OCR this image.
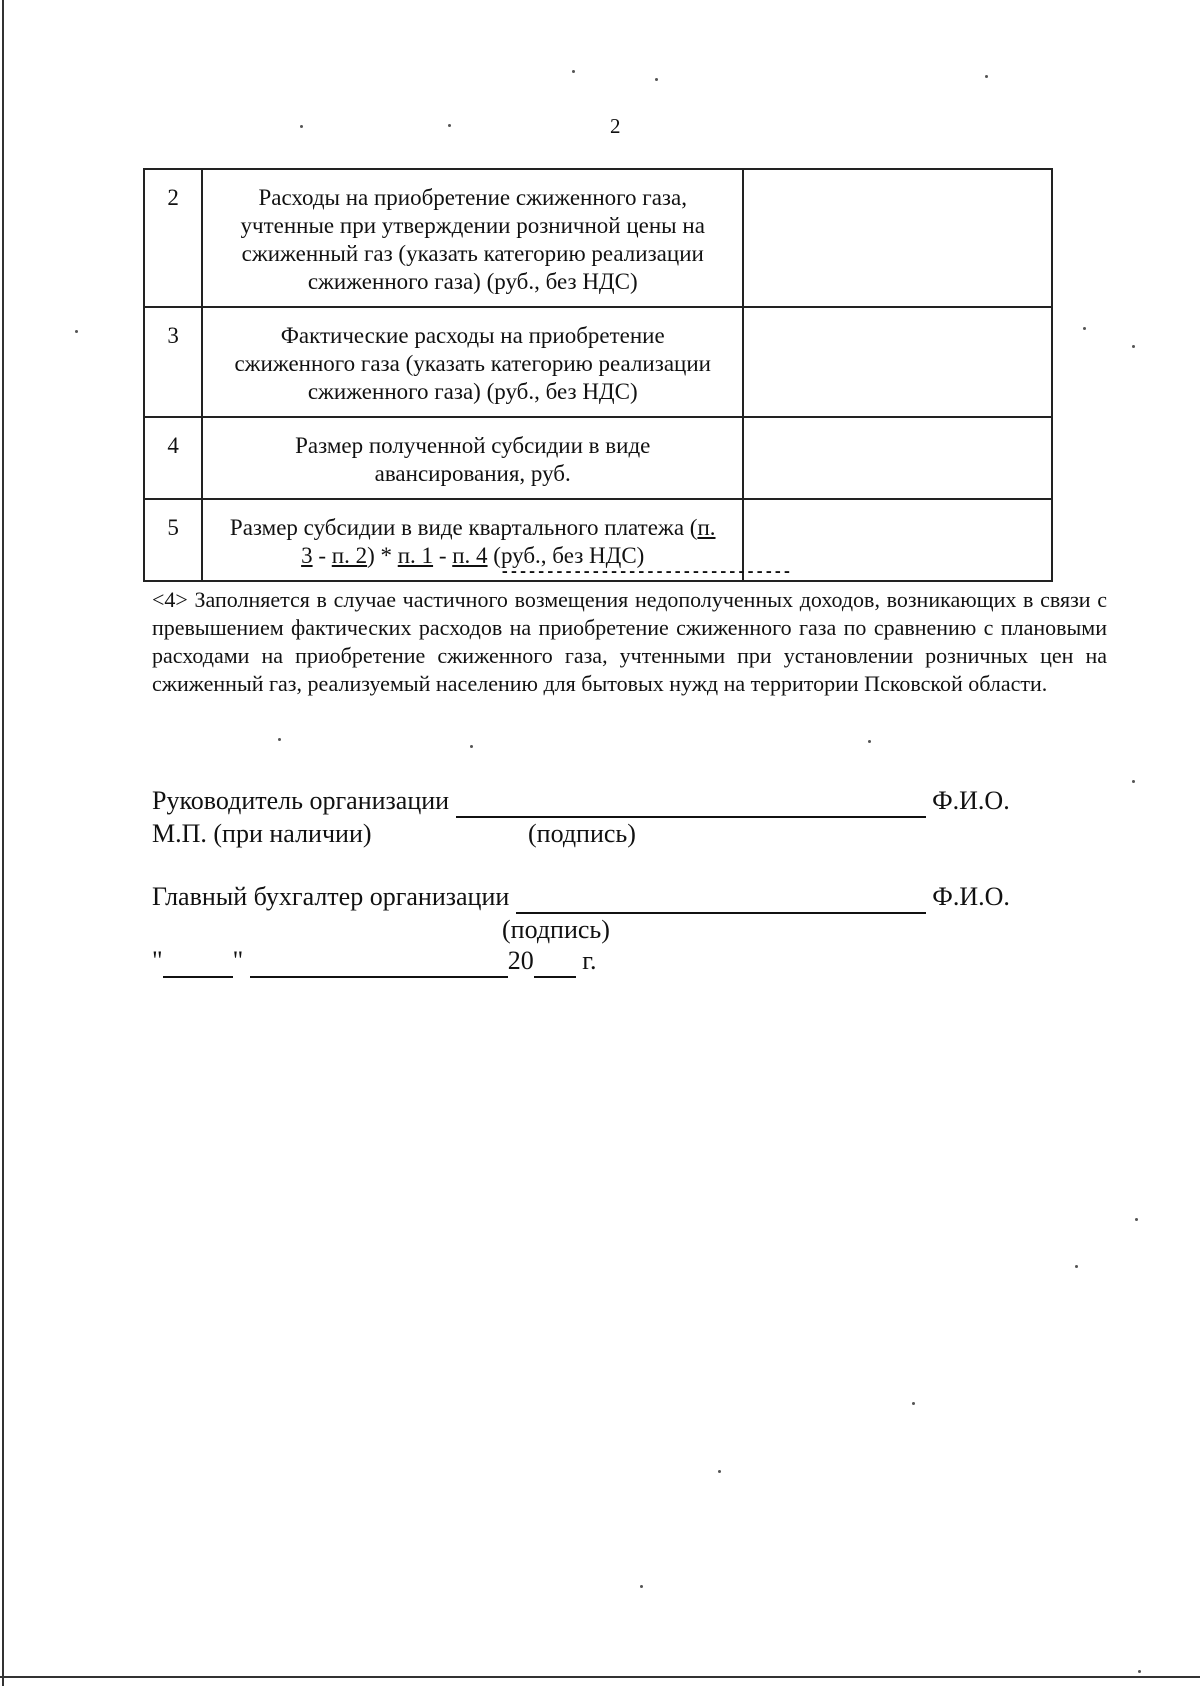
2
2	Расходы на приобретение сжиженного газа,
учтенные при утверждении розничной цены на
сжиженный газ (указать категорию реализации
сжиженного газа) (руб., без НДС)	

3	Фактические расходы на приобретение
сжиженного газа (указать категорию реализации
сжиженного газа) (руб., без НДС)	

4	Размер полученной субсидии в виде
авансирования, руб.	

5	Размер субсидии в виде квартального платежа (п.
3 - п. 2) * п. 1 - п. 4 (руб., без НДС)	

--------------------------------
<4> Заполняется в случае частичного возмещения недополученных доходов, возникающих в связи с превышением фактических расходов на приобретение сжиженного газа по сравнению с плановыми расходами на приобретение сжиженного газа, учтенными при установлении розничных цен на сжиженный газ, реализуемый населению для бытовых нужд на территории Псковской области.
Руководитель организации	Ф.И.О.
М.П. (при наличии)	(подпись)
Главный бухгалтер организации	Ф.И.О.
(подпись)
"	"	20 г.
